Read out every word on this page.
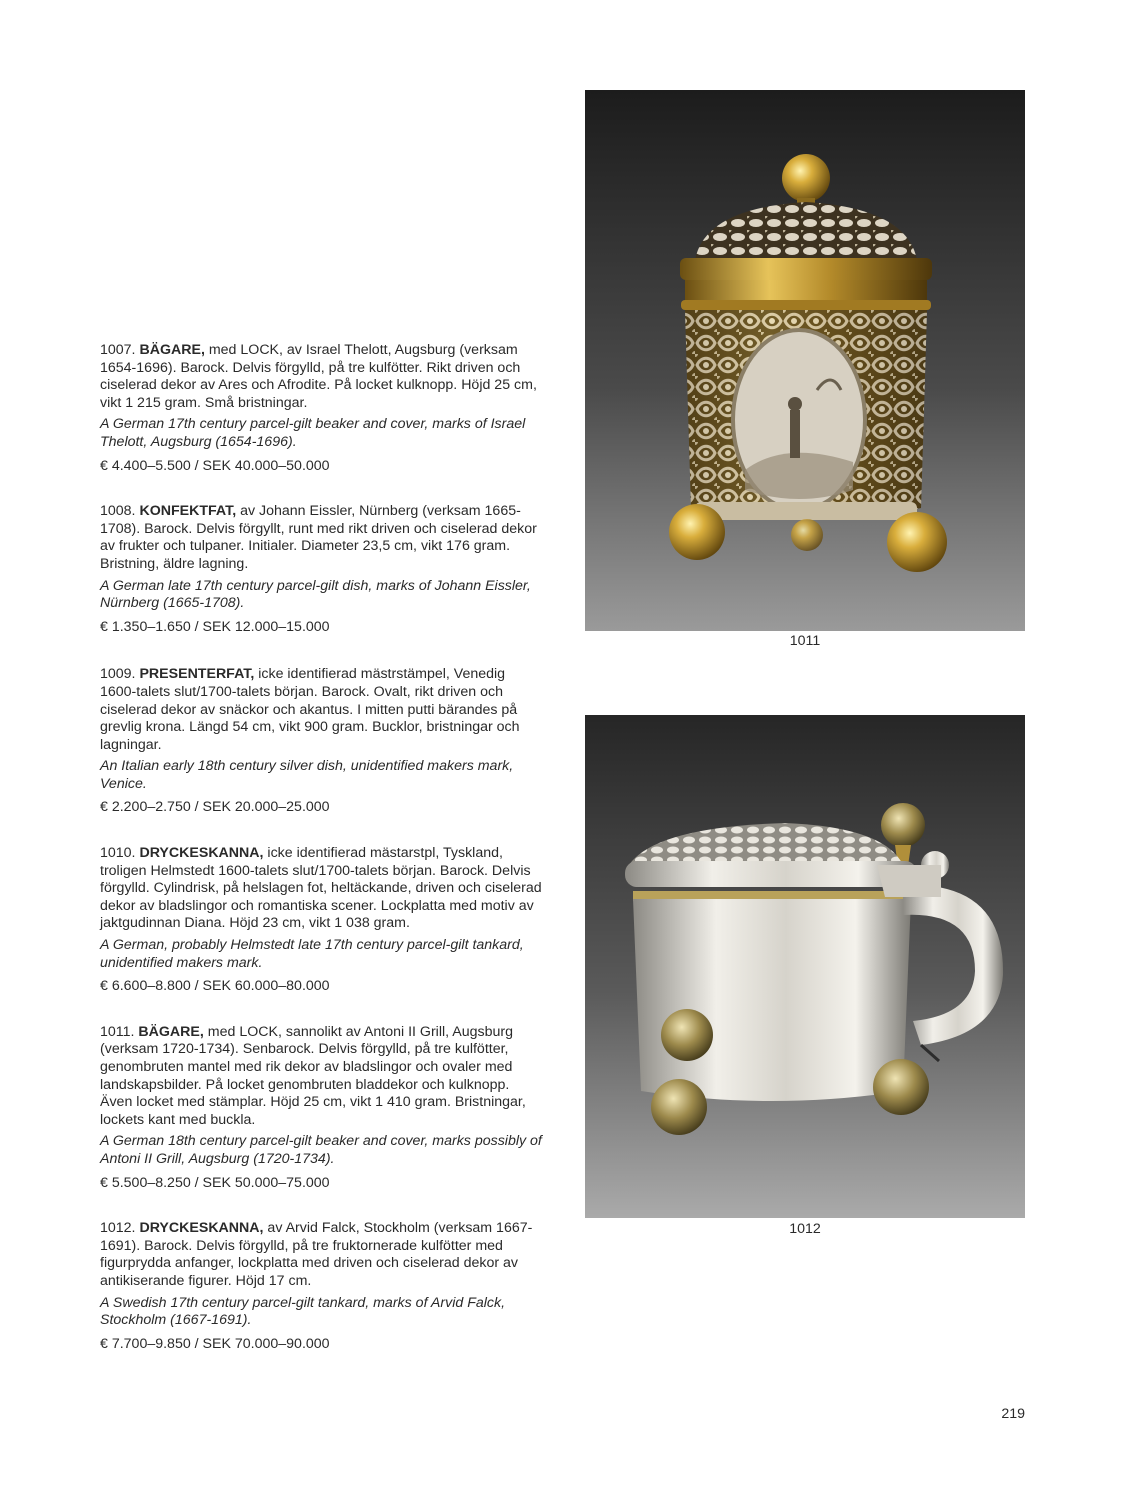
1007. BÄGARE, med LOCK, av Israel Thelott, Augsburg (verksam 1654-1696). Barock. Delvis förgylld, på tre kulfötter. Rikt driven och ciselerad dekor av Ares och Afrodite. På locket kulknopp. Höjd 25 cm, vikt 1 215 gram. Små bristningar.

A German 17th century parcel-gilt beaker and cover, marks of Israel Thelott, Augsburg (1654-1696).

€ 4.400–5.500 / SEK 40.000–50.000

1008. KONFEKTFAT, av Johann Eissler, Nürnberg (verksam 1665-1708). Barock. Delvis förgyllt, runt med rikt driven och ciselerad dekor av frukter och tulpaner. Initialer. Diameter 23,5 cm, vikt 176 gram. Bristning, äldre lagning.

A German late 17th century parcel-gilt dish, marks of Johann Eissler, Nürnberg (1665-1708).

€ 1.350–1.650 / SEK 12.000–15.000

1009. PRESENTERFAT, icke identifierad mästrstämpel, Venedig 1600-talets slut/1700-talets början. Barock. Ovalt, rikt driven och ciselerad dekor av snäckor och akantus. I mitten putti bärandes på grevlig krona. Längd 54 cm, vikt 900 gram. Bucklor, bristningar och lagningar.

An Italian early 18th century silver dish, unidentified makers mark, Venice.

€ 2.200–2.750 / SEK 20.000–25.000

1010. DRYCKESKANNA, icke identifierad mästarstpl, Tyskland, troligen Helmstedt 1600-talets slut/1700-talets början. Barock. Delvis förgylld. Cylindrisk, på helslagen fot, heltäckande, driven och ciselerad dekor av bladslingor och romantiska scener. Lockplatta med motiv av jaktgudinnan Diana. Höjd 23 cm, vikt 1 038 gram.

A German, probably Helmstedt late 17th century parcel-gilt tankard, unidentified makers mark.

€ 6.600–8.800 / SEK 60.000–80.000

1011. BÄGARE, med LOCK, sannolikt av Antoni II Grill, Augsburg (verksam 1720-1734). Senbarock. Delvis förgylld, på tre kulfötter, genombruten mantel med rik dekor av bladslingor och ovaler med landskapsbilder. På locket genombruten bladdekor och kulknopp. Även locket med stämplar. Höjd 25 cm, vikt 1 410 gram. Bristningar, lockets kant med buckla.

A German 18th century parcel-gilt beaker and cover, marks possibly of Antoni II Grill, Augsburg (1720-1734).

€ 5.500–8.250 / SEK 50.000–75.000

1012. DRYCKESKANNA, av Arvid Falck, Stockholm (verksam 1667-1691). Barock. Delvis förgylld, på tre fruktornerade kulfötter med figurprydda anfanger, lockplatta med driven och ciselerad dekor av antikiserande figurer. Höjd 17 cm.

A Swedish 17th century parcel-gilt tankard, marks of Arvid Falck, Stockholm (1667-1691).

€ 7.700–9.850 / SEK 70.000–90.000

1011
1012
219
